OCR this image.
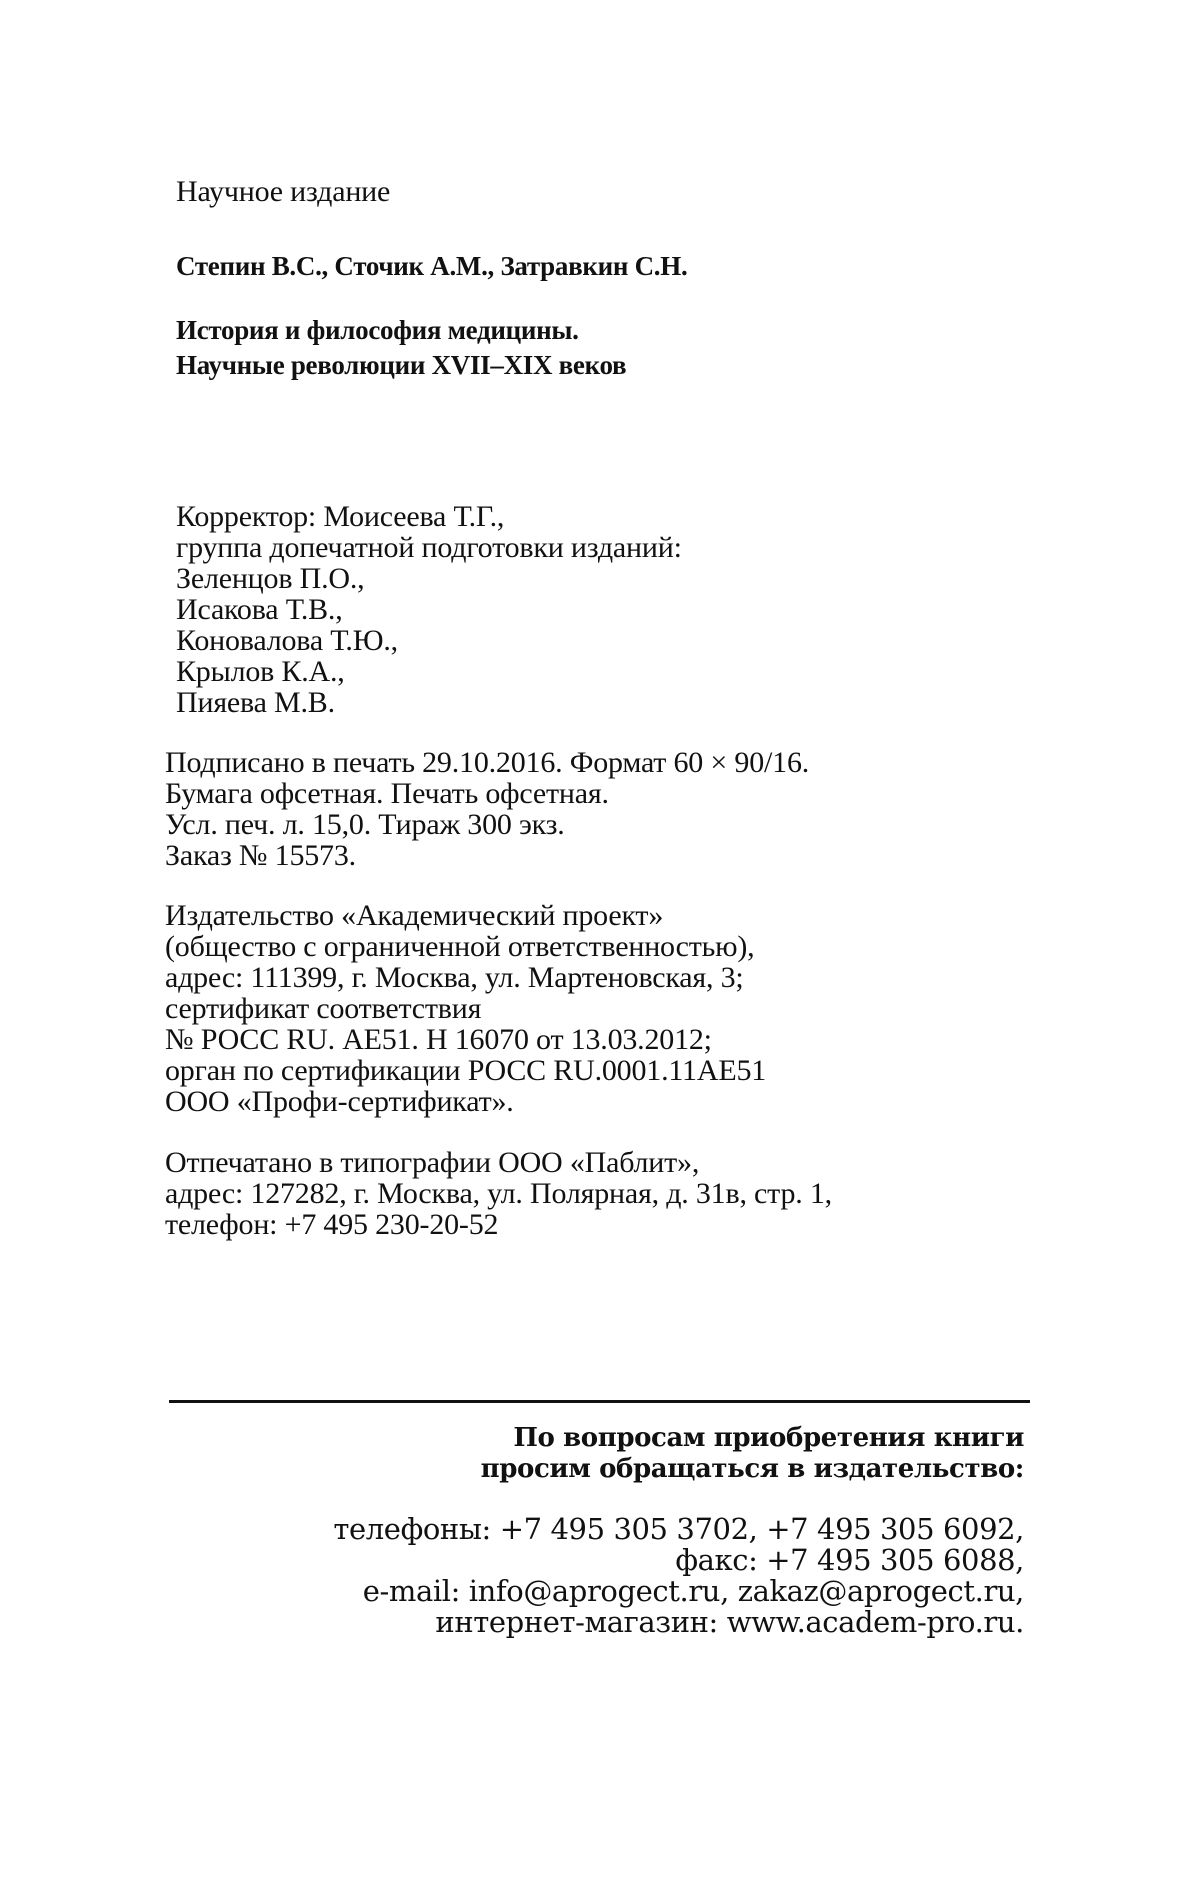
Научное издание
Степин В.С., Сточик А.М., Затравкин С.Н.
История и философия медицины.
Научные революции XVII–XIX веков
Корректор: Моисеева Т.Г.,
группа допечатной подготовки изданий:
Зеленцов П.О.,
Исакова Т.В.,
Коновалова Т.Ю.,
Крылов К.А.,
Пияева М.В.
Подписано в печать 29.10.2016. Формат 60 × 90/16.
Бумага офсетная. Печать офсетная.
Усл. печ. л. 15,0. Тираж 300 экз.
Заказ № 15573.
Издательство «Академический проект»
(общество с ограниченной ответственностью),
адрес: 111399, г. Москва, ул. Мартеновская, 3;
сертификат соответствия
№ РОСС RU. АЕ51. Н 16070 от 13.03.2012;
орган по сертификации РОСС RU.0001.11АЕ51
ООО «Профи-сертификат».
Отпечатано в типографии ООО «Паблит»,
адрес: 127282, г. Москва, ул. Полярная, д. 31в, стр. 1,
телефон: +7 495 230-20-52
По вопросам приобретения книги
просим обращаться в издательство:
телефоны: +7 495 305 3702, +7 495 305 6092,
факс: +7 495 305 6088,
e-mail: info@aprogect.ru, zakaz@aprogect.ru,
интернет-магазин: www.academ-pro.ru.
